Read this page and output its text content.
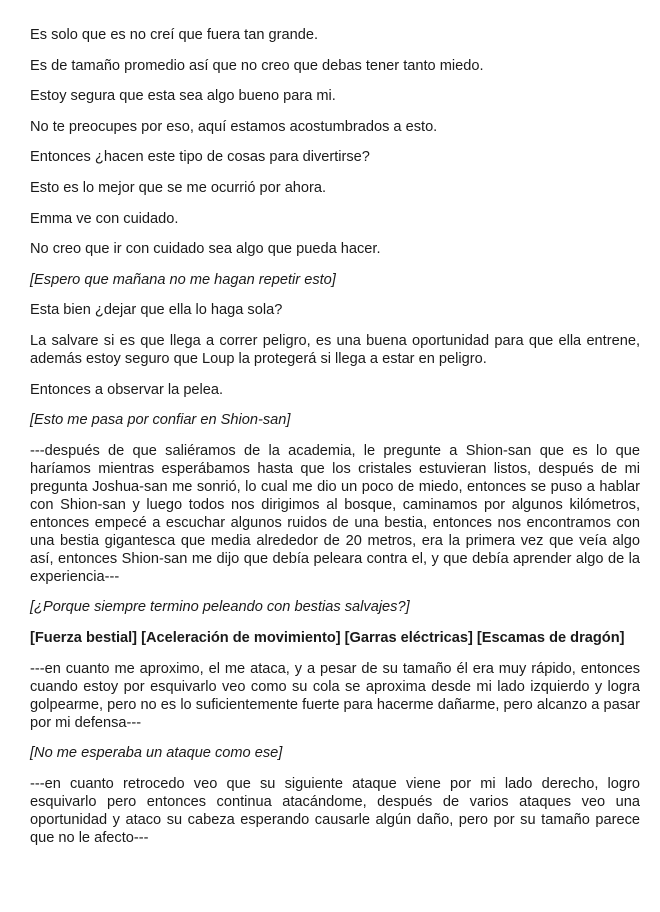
Es solo que es no creí que fuera tan grande.

Es de tamaño promedio así que no creo que debas tener tanto miedo.

Estoy segura que esta sea algo bueno para mi.

No te preocupes por eso, aquí estamos acostumbrados a esto.

Entonces ¿hacen este tipo de cosas para divertirse?

Esto es lo mejor que se me ocurrió por ahora.

Emma ve con cuidado.

No creo que ir con cuidado sea algo que pueda hacer.

[Espero que mañana no me hagan repetir esto]

Esta bien ¿dejar que ella lo haga sola?

La salvare si es que llega a correr peligro, es una buena oportunidad para que ella entrene, además estoy seguro que Loup la protegerá si llega a estar en peligro.

Entonces a observar la pelea.

[Esto me pasa por confiar en Shion-san]

---después de que saliéramos de la academia, le pregunte a Shion-san que es lo que haríamos mientras esperábamos hasta que los cristales estuvieran listos, después de mi pregunta Joshua-san me sonrió, lo cual me dio un poco de miedo, entonces se puso a hablar con Shion-san y luego todos nos dirigimos al bosque, caminamos por algunos kilómetros, entonces empecé a escuchar algunos ruidos de una bestia, entonces nos encontramos con una bestia gigantesca que media alrededor de 20 metros, era la primera vez que veía algo así, entonces Shion-san me dijo que debía peleara contra el, y que debía aprender algo de la experiencia---

[¿Porque siempre termino peleando con bestias salvajes?]

[Fuerza bestial] [Aceleración de movimiento] [Garras eléctricas] [Escamas de dragón]

---en cuanto me aproximo, el me ataca, y a pesar de su tamaño él era muy rápido, entonces cuando estoy por esquivarlo veo como su cola se aproxima desde mi lado izquierdo y logra golpearme, pero no es lo suficientemente fuerte para hacerme dañarme, pero alcanzo a pasar por mi defensa---

[No me esperaba un ataque como ese]

---en cuanto retrocedo veo que su siguiente ataque viene por mi lado derecho, logro esquivarlo pero entonces continua atacándome, después de varios ataques veo una oportunidad y ataco su cabeza esperando causarle algún daño, pero por su tamaño parece que no le afecto---
